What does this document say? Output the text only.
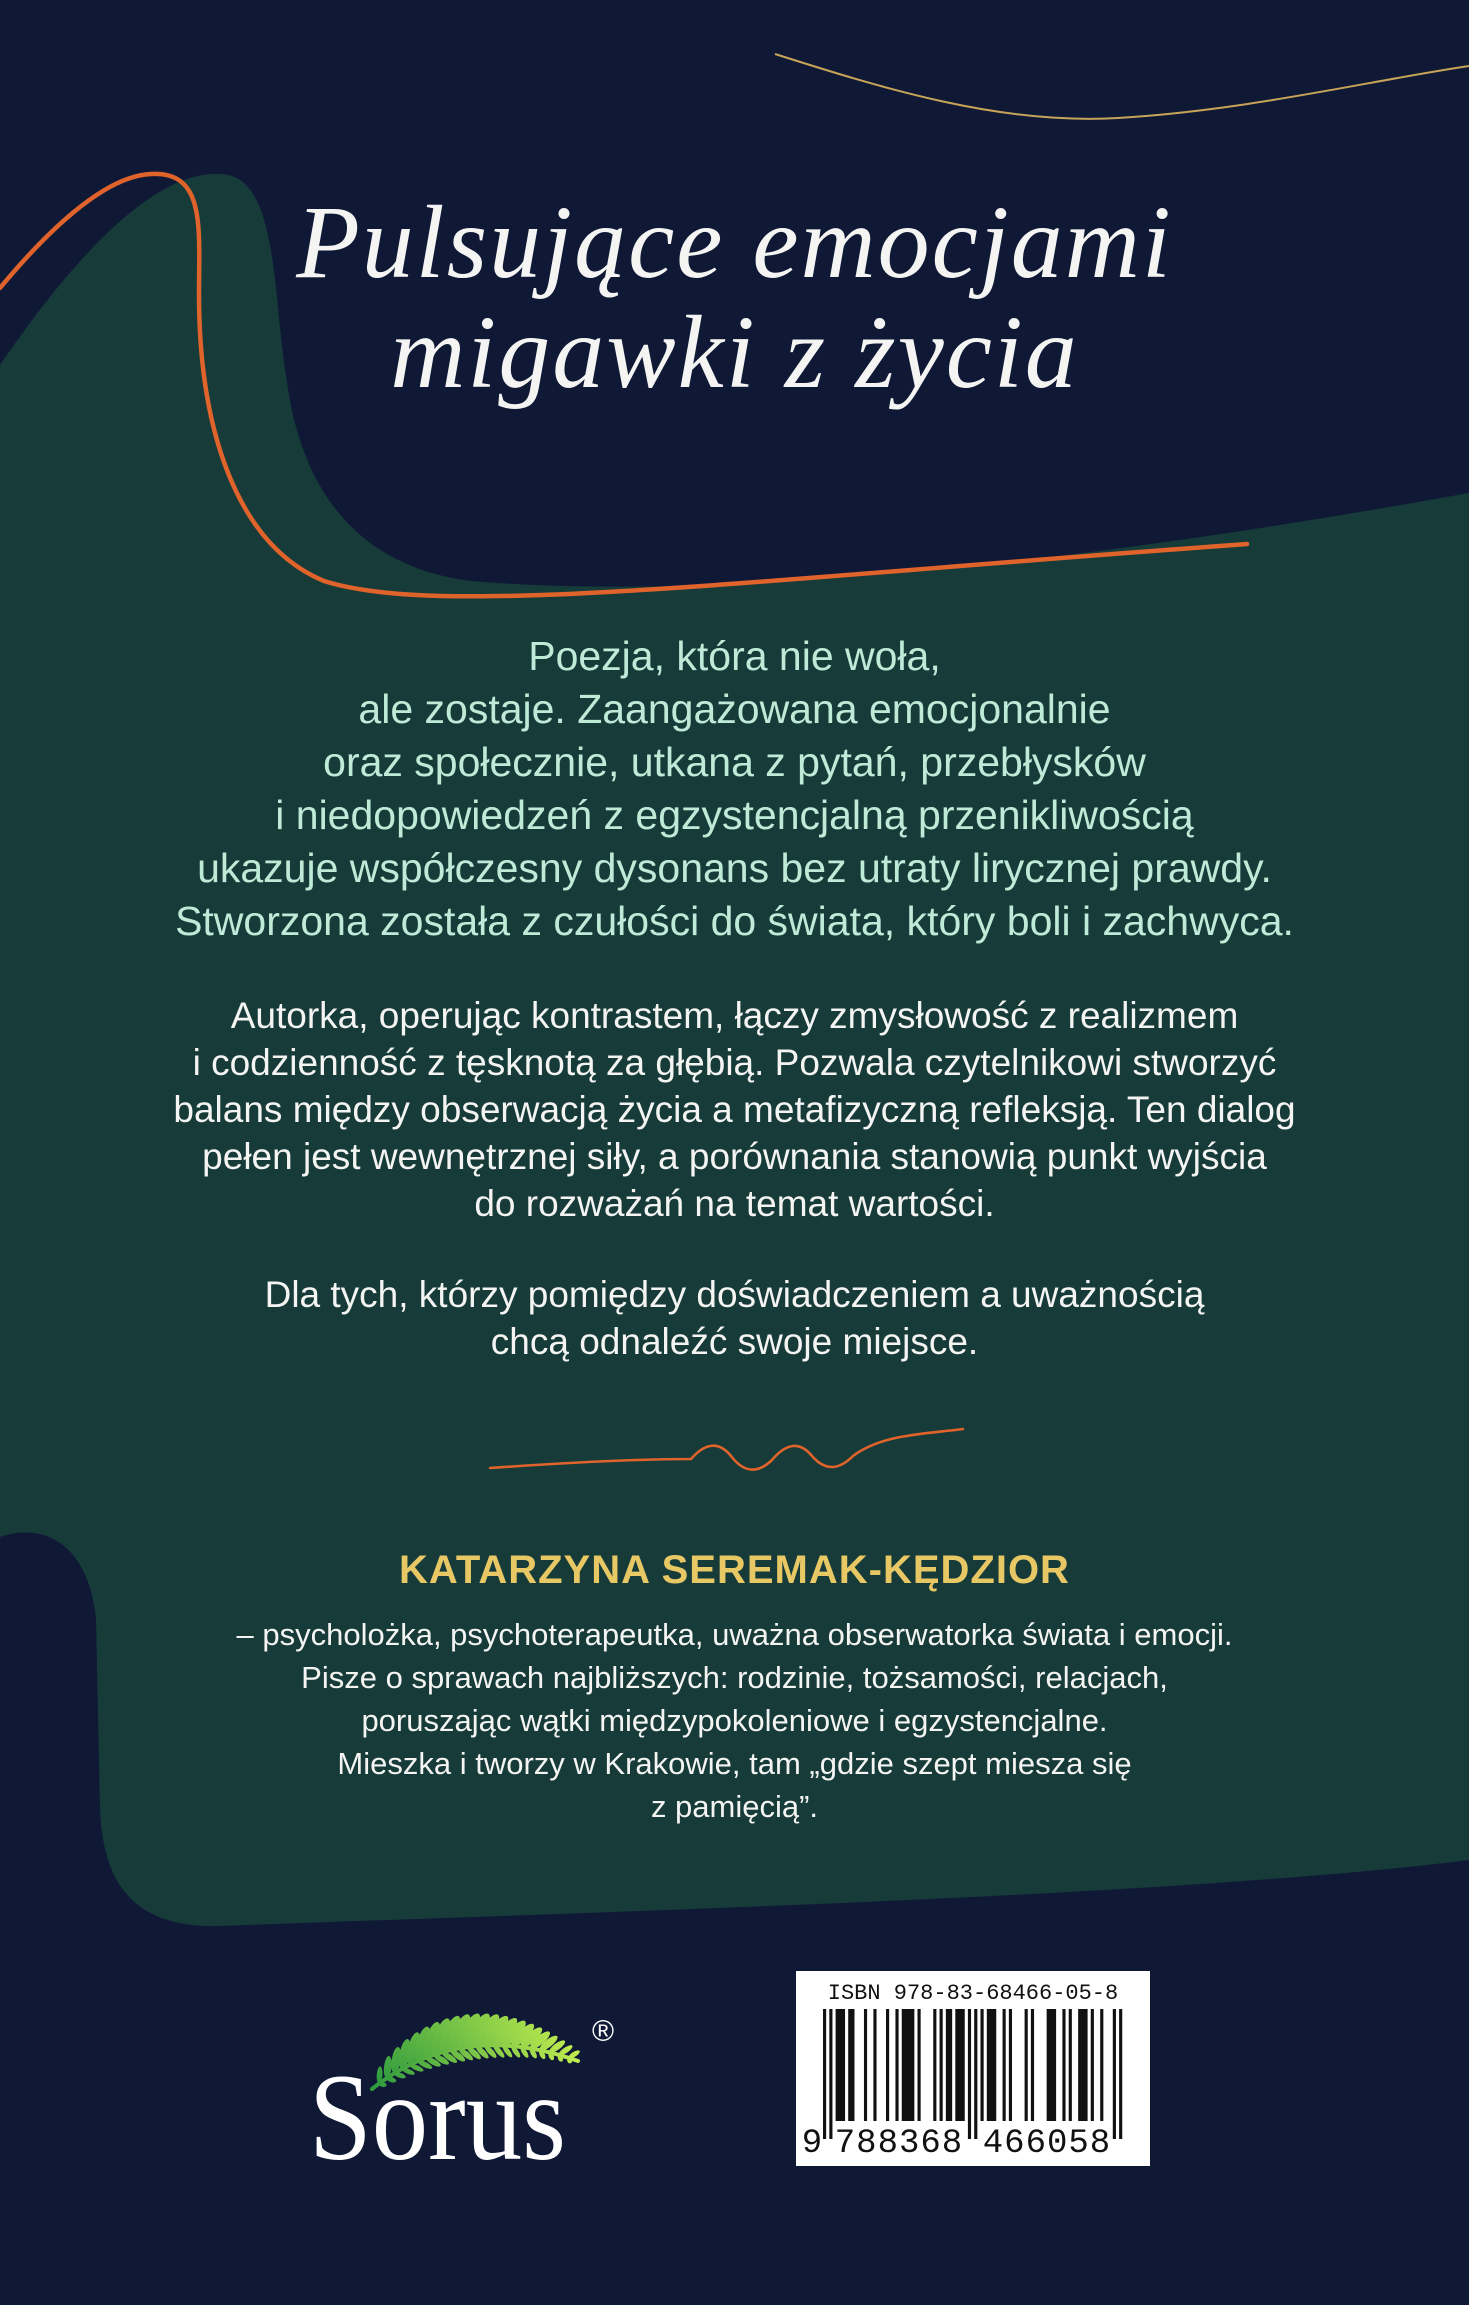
Pulsujące emocjami
migawki z życia
Poezja, która nie woła,
ale zostaje. Zaangażowana emocjonalnie
oraz społecznie, utkana z pytań, przebłysków
i niedopowiedzeń z egzystencjalną przenikliwością
ukazuje współczesny dysonans bez utraty lirycznej prawdy.
Stworzona została z czułości do świata, który boli i zachwyca.
Autorka, operując kontrastem, łączy zmysłowość z realizmem
i codzienność z tęsknotą za głębią. Pozwala czytelnikowi stworzyć
balans między obserwacją życia a metafizyczną refleksją. Ten dialog
pełen jest wewnętrznej siły, a porównania stanowią punkt wyjścia
do rozważań na temat wartości.
Dla tych, którzy pomiędzy doświadczeniem a uważnością
chcą odnaleźć swoje miejsce.
KATARZYNA SEREMAK-KĘDZIOR
– psycholożka, psychoterapeutka, uważna obserwatorka świata i emocji.
Pisze o sprawach najbliższych: rodzinie, tożsamości, relacjach,
poruszając wątki międzypokoleniowe i egzystencjalne.
Mieszka i tworzy w Krakowie, tam „gdzie szept miesza się
z pamięcią”.
ISBN 978-83-68466-05-8
9 788368 466058
Sorus
®
